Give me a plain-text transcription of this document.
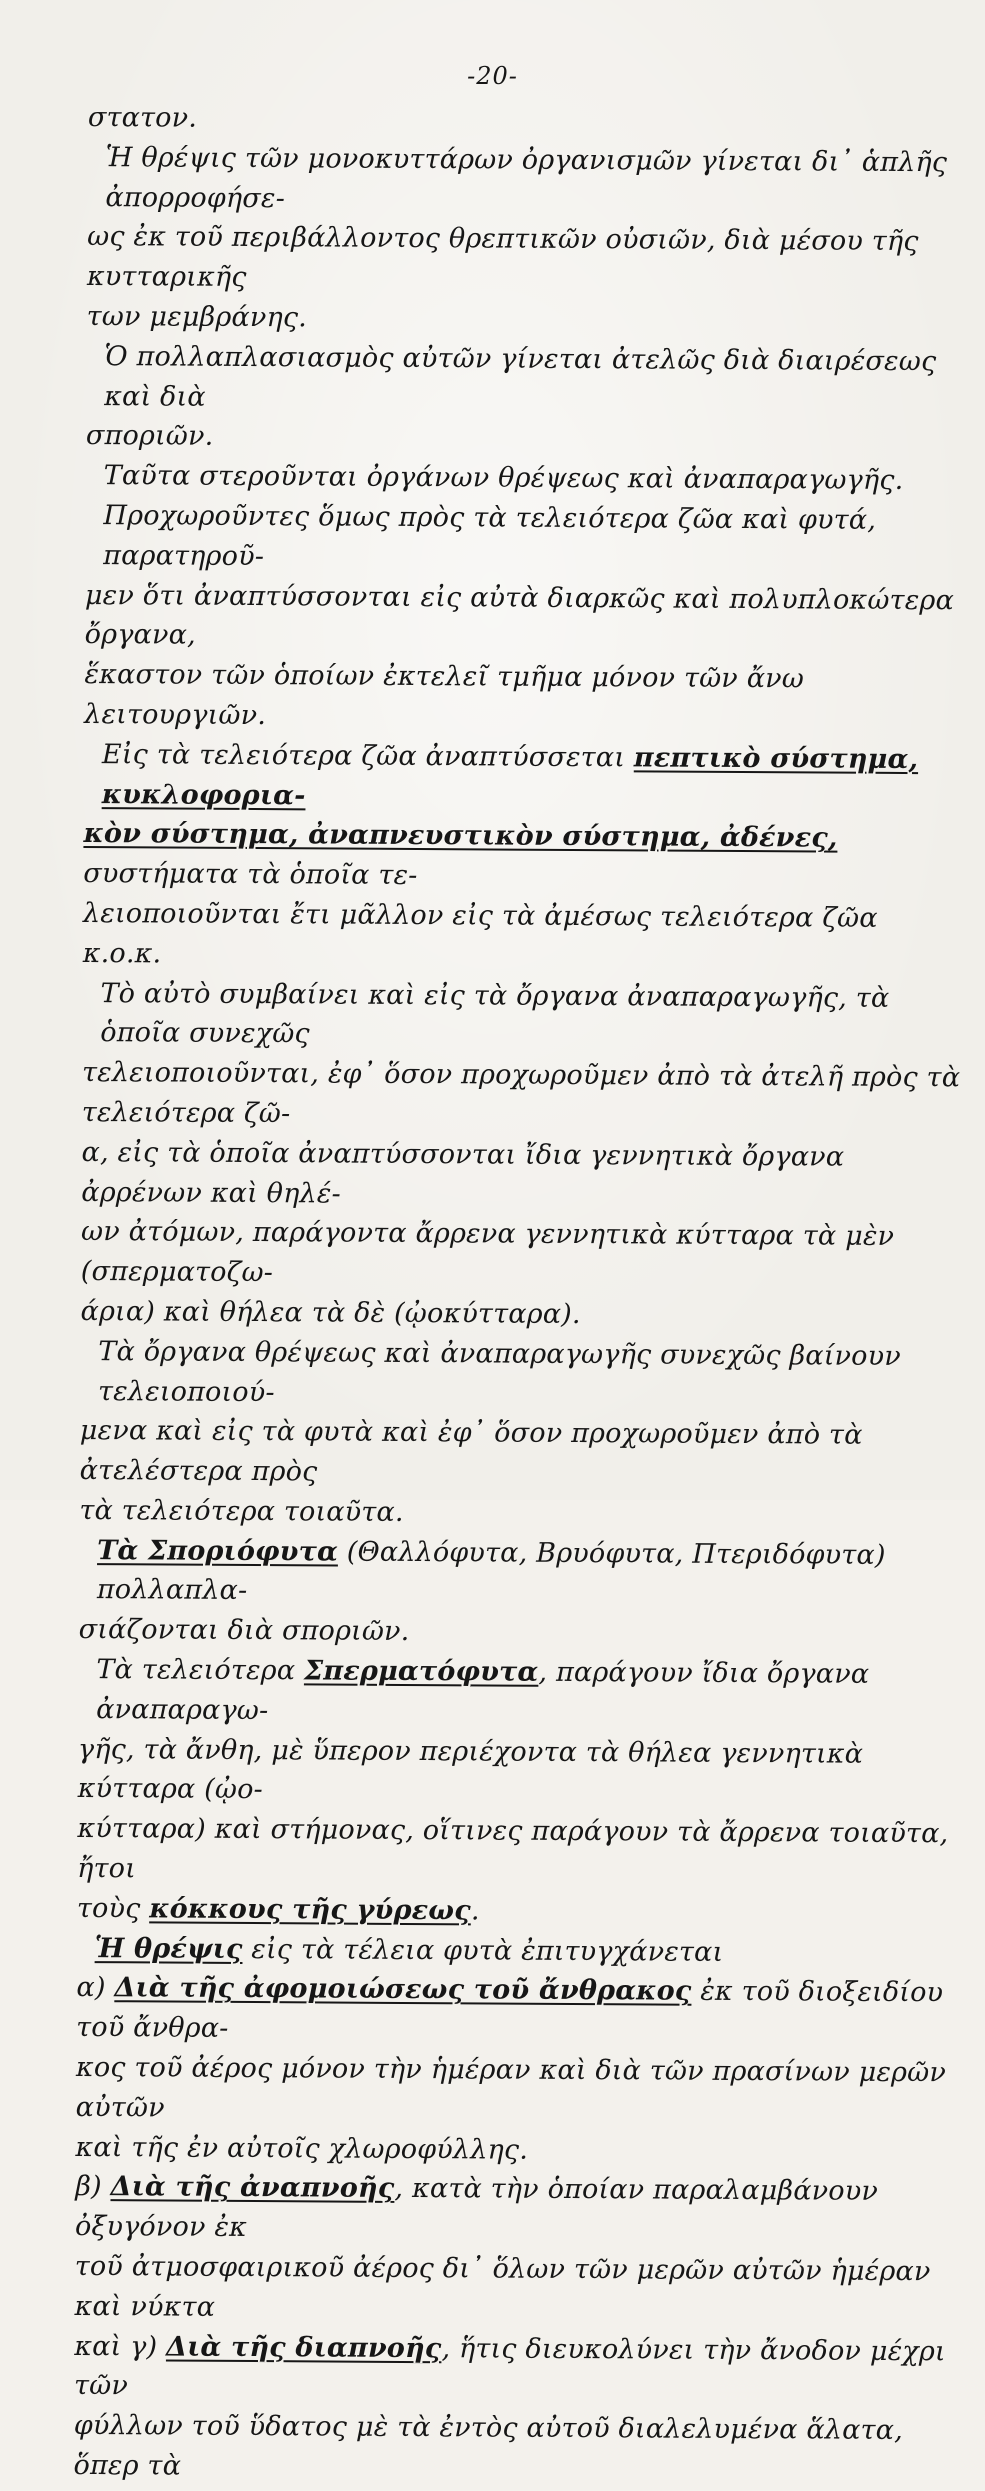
-20-

στατον.

Ἡ θρέψις τῶν μονοκυττάρων ὀργανισμῶν γίνεται δι᾽ ἁπλῆς ἀπορροφήσε-

ως ἐκ τοῦ περιβάλλοντος θρεπτικῶν οὐσιῶν, διὰ μέσου τῆς κυτταρικῆς

των μεμβράνης.

Ὁ πολλαπλασιασμὸς αὐτῶν γίνεται ἀτελῶς διὰ διαιρέσεως καὶ διὰ

σποριῶν.

Ταῦτα στεροῦνται ὀργάνων θρέψεως καὶ ἀναπαραγωγῆς.

Προχωροῦντες ὅμως πρὸς τὰ τελειότερα ζῶα καὶ φυτά, παρατηροῦ-

μεν ὅτι ἀναπτύσσονται εἰς αὐτὰ διαρκῶς καὶ πολυπλοκώτερα ὄργανα,

ἕκαστον τῶν ὁποίων ἐκτελεῖ τμῆμα μόνον τῶν ἄνω λειτουργιῶν.

Εἰς τὰ τελειότερα ζῶα ἀναπτύσσεται πεπτικὸ σύστημα, κυκλοφορια-

κὸν σύστημα, ἀναπνευστικὸν σύστημα, ἀδένες, συστήματα τὰ ὁποῖα τε-

λειοποιοῦνται ἔτι μᾶλλον εἰς τὰ ἀμέσως τελειότερα ζῶα κ.ο.κ.

Τὸ αὐτὸ συμβαίνει καὶ εἰς τὰ ὄργανα ἀναπαραγωγῆς, τὰ ὁποῖα συνεχῶς

τελειοποιοῦνται, ἐφ᾽ ὅσον προχωροῦμεν ἀπὸ τὰ ἀτελῆ πρὸς τὰ τελειότερα ζῶ-

α, εἰς τὰ ὁποῖα ἀναπτύσσονται ἴδια γεννητικὰ ὄργανα ἀρρένων καὶ θηλέ-

ων ἀτόμων, παράγοντα ἄρρενα γεννητικὰ κύτταρα τὰ μὲν (σπερματοζω-

άρια) καὶ θήλεα τὰ δὲ (ᾠοκύτταρα).

Τὰ ὄργανα θρέψεως καὶ ἀναπαραγωγῆς συνεχῶς βαίνουν τελειοποιού-

μενα καὶ εἰς τὰ φυτὰ καὶ ἐφ᾽ ὅσον προχωροῦμεν ἀπὸ τὰ ἀτελέστερα πρὸς

τὰ τελειότερα τοιαῦτα.

Τὰ Σποριόφυτα (Θαλλόφυτα, Βρυόφυτα, Πτεριδόφυτα) πολλαπλα-

σιάζονται διὰ σποριῶν.

Τὰ τελειότερα Σπερματόφυτα, παράγουν ἴδια ὄργανα ἀναπαραγω-

γῆς, τὰ ἄνθη, μὲ ὕπερον περιέχοντα τὰ θήλεα γεννητικὰ κύτταρα (ᾠο-

κύτταρα) καὶ στήμονας, οἵτινες παράγουν τὰ ἄρρενα τοιαῦτα, ἤτοι

τοὺς κόκκους τῆς γύρεως.

Ἡ θρέψις εἰς τὰ τέλεια φυτὰ ἐπιτυγχάνεται

α) Διὰ τῆς ἀφομοιώσεως τοῦ ἄνθρακος ἐκ τοῦ διοξειδίου τοῦ ἄνθρα-

κος τοῦ ἀέρος μόνον τὴν ἡμέραν καὶ διὰ τῶν πρασίνων μερῶν αὐτῶν

καὶ τῆς ἐν αὐτοῖς χλωροφύλλης.

β) Διὰ τῆς ἀναπνοῆς, κατὰ τὴν ὁποίαν παραλαμβάνουν ὀξυγόνον ἐκ

τοῦ ἀτμοσφαιρικοῦ ἀέρος δι᾽ ὅλων τῶν μερῶν αὐτῶν ἡμέραν καὶ νύκτα

καὶ γ) Διὰ τῆς διαπνοῆς, ἥτις διευκολύνει τὴν ἄνοδον μέχρι τῶν

φύλλων τοῦ ὕδατος μὲ τὰ ἐντὸς αὐτοῦ διαλελυμένα ἅλατα, ὅπερ τὰ
